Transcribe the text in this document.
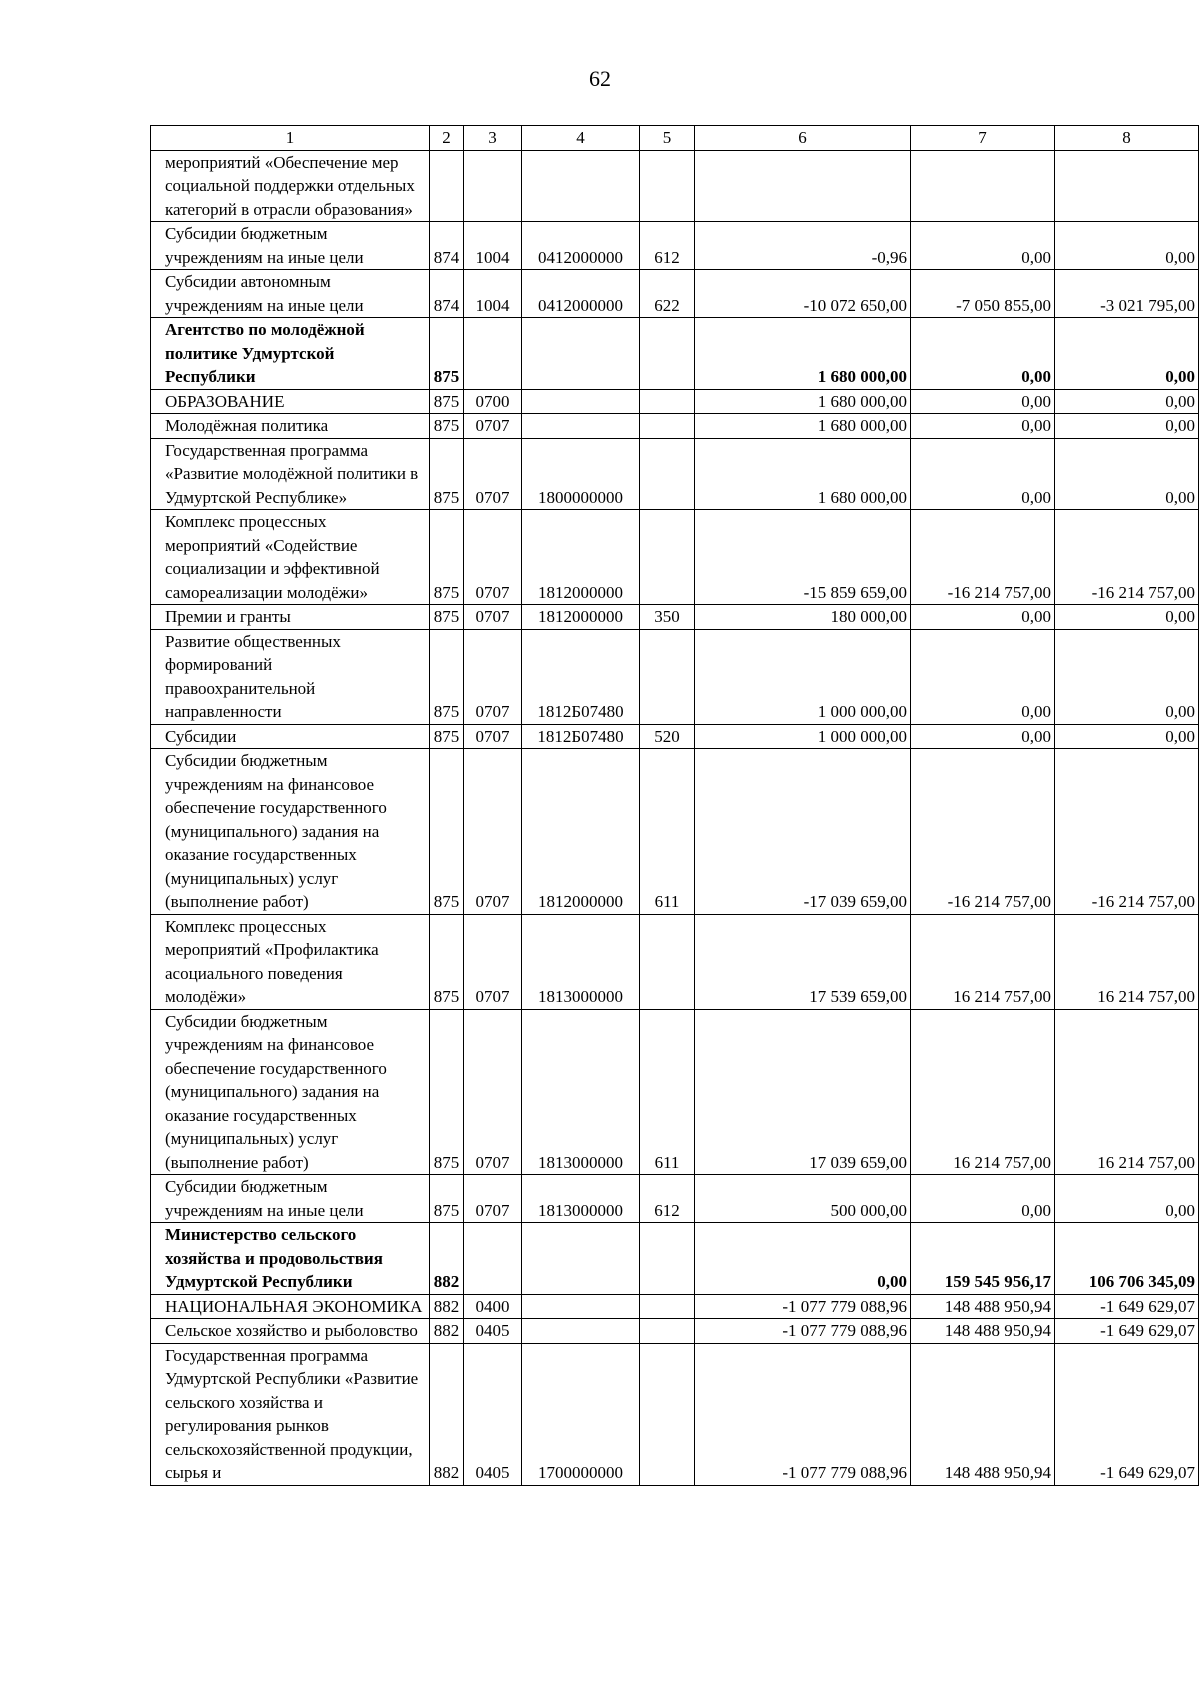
62
1	2	3	4	5	6	7	8
мероприятий «Обеспечение мер социальной поддержки отдельных категорий в отрасли образования»							
Субсидии бюджетным учреждениям на иные цели	874	1004	0412000000	612	-0,96	0,00	0,00
Субсидии автономным учреждениям на иные цели	874	1004	0412000000	622	-10 072 650,00	-7 050 855,00	-3 021 795,00
Агентство по молодёжной политике Удмуртской Республики	875				1 680 000,00	0,00	0,00
ОБРАЗОВАНИЕ	875	0700			1 680 000,00	0,00	0,00
Молодёжная политика	875	0707			1 680 000,00	0,00	0,00
Государственная программа «Развитие молодёжной политики в Удмуртской Республике»	875	0707	1800000000		1 680 000,00	0,00	0,00
Комплекс процессных мероприятий «Содействие социализации и эффективной самореализации молодёжи»	875	0707	1812000000		-15 859 659,00	-16 214 757,00	-16 214 757,00
Премии и гранты	875	0707	1812000000	350	180 000,00	0,00	0,00
Развитие общественных формирований правоохранительной направленности	875	0707	1812Б07480		1 000 000,00	0,00	0,00
Субсидии	875	0707	1812Б07480	520	1 000 000,00	0,00	0,00
Субсидии бюджетным учреждениям на финансовое обеспечение государственного (муниципального) задания на оказание государственных (муниципальных) услуг (выполнение работ)	875	0707	1812000000	611	-17 039 659,00	-16 214 757,00	-16 214 757,00
Комплекс процессных мероприятий «Профилактика асоциального поведения молодёжи»	875	0707	1813000000		17 539 659,00	16 214 757,00	16 214 757,00
Субсидии бюджетным учреждениям на финансовое обеспечение государственного (муниципального) задания на оказание государственных (муниципальных) услуг (выполнение работ)	875	0707	1813000000	611	17 039 659,00	16 214 757,00	16 214 757,00
Субсидии бюджетным учреждениям на иные цели	875	0707	1813000000	612	500 000,00	0,00	0,00
Министерство сельского хозяйства и продовольствия Удмуртской Республики	882				0,00	159 545 956,17	106 706 345,09
НАЦИОНАЛЬНАЯ ЭКОНОМИКА	882	0400			-1 077 779 088,96	148 488 950,94	-1 649 629,07
Сельское хозяйство и рыболовство	882	0405			-1 077 779 088,96	148 488 950,94	-1 649 629,07
Государственная программа Удмуртской Республики «Развитие сельского хозяйства и регулирования рынков сельскохозяйственной продукции, сырья и	882	0405	1700000000		-1 077 779 088,96	148 488 950,94	-1 649 629,07
